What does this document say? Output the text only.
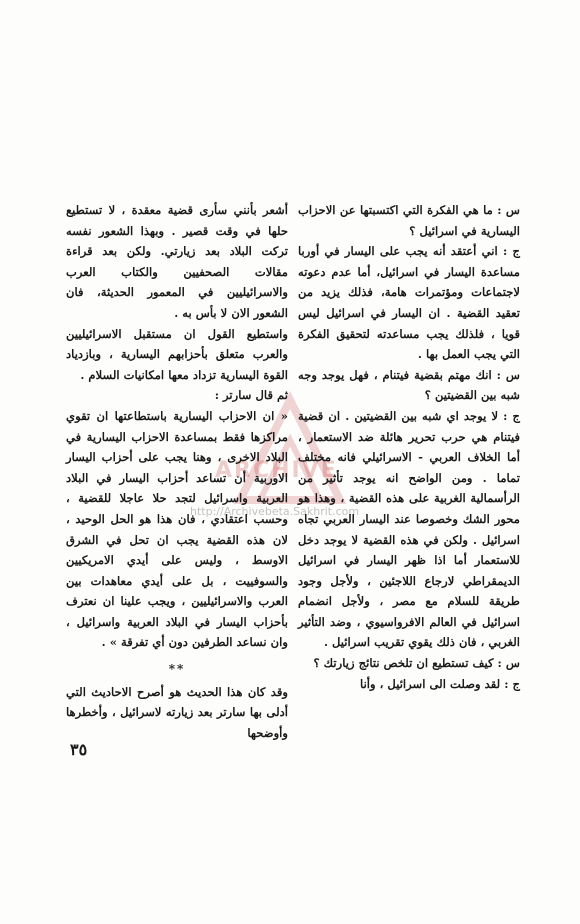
ARCHIVE
http://Archivebeta.Sakhrit.com

س : ما هي الفكرة التي اكتسبتها عن الاحزاب اليسارية في اسرائيل ؟

ج : اني أعتقد أنه يجب على اليسار في أوربا مساعدة اليسار في اسرائيل، أما عدم دعوته لاجتماعات ومؤتمرات هامة، فذلك يزيد من تعقيد القضية . ان اليسار في اسرائيل ليس قويا ، فلذلك يجب مساعدته لتحقيق الفكرة التي يجب العمل بها .

س : انك مهتم بقضية فيتنام ، فهل يوجد وجه شبه بين القضيتين ؟

ج : لا يوجد اي شبه بين القضيتين . ان قضية فيتنام هي حرب تحرير هائلة ضد الاستعمار ، أما الخلاف العربي - الاسرائيلي فانه مختلف تماما . ومن الواضح انه يوجد تأثير من الرأسمالية الغربية على هذه القضية ، وهذا هو محور الشك وخصوصا عند اليسار العربي تجاه اسرائيل . ولكن في هذه القضية لا يوجد دخل للاستعمار أما اذا ظهر اليسار في اسرائيل الديمقراطي لارجاع اللاجئين ، ولأجل وجود طريقة للسلام مع مصر ، ولأجل انضمام اسرائيل في العالم الافرواسيوي ، وضد التأثير الغربي ، فان ذلك يقوي تقريب اسرائيل .

س : كيف تستطيع ان تلخص نتائج زيارتك ؟

ج : لقد وصلت الى اسرائيل ، وأنا

أشعر بأنني سأرى قضية معقدة ، لا تستطيع حلها في وقت قصير . وبهذا الشعور نفسه تركت البلاد بعد زيارتي. ولكن بعد قراءة مقالات الصحفيين والكتاب العرب والاسرائيليين في المعمور الحديثة، فان الشعور الان لا بأس به .

واستطيع القول ان مستقبل الاسرائيليين والعرب متعلق بأحزابهم اليسارية ، وبازدياد القوة اليسارية تزداد معها امكانيات السلام .

ثم قال سارتر :

« ان الاحزاب اليسارية باستطاعتها ان تقوي مراكزها فقط بمساعدة الاحزاب اليسارية في البلاد الاخرى ، وهنا يجب على أحزاب اليسار الاوربية أن تساعد أحزاب اليسار في البلاد العربية واسرائيل لتجد حلا عاجلا للقضية ، وحسب اعتقادي ، فان هذا هو الحل الوحيد ، لان هذه القضية يجب ان تحل في الشرق الاوسط ، وليس على أيدي الامريكيين والسوفييت ، بل على أيدي معاهدات بين العرب والاسرائيليين ، ويجب علينا ان نعترف بأحزاب اليسار في البلاد العربية واسرائيل ، وان نساعد الطرفين دون أي تفرقة » .

**

وقد كان هذا الحديث هو أصرح الاحاديث التي أدلى بها سارتر بعد زيارته لاسرائيل ، وأخطرها وأوضحها

٣٥
